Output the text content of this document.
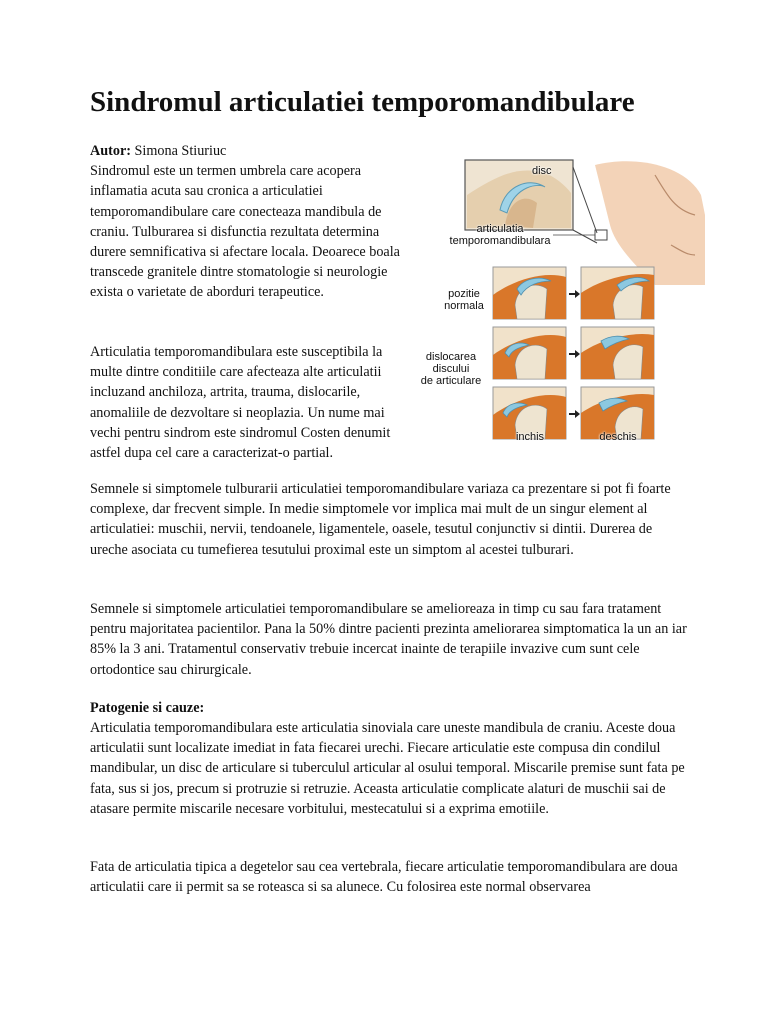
Sindromul articulatiei temporomandibulare

Autor: Simona Stiuriuc

Sindromul este un termen umbrela care acopera inflamatia acuta sau cronica a articulatiei temporomandibulare care conecteaza mandibula de craniu. Tulburarea si disfunctia rezultata determina durere semnificativa si afectare locala. Deoarece boala transcede granitele dintre stomatologie si neurologie exista o varietate de aborduri terapeutice.

Articulatia temporomandibulara este susceptibila la multe dintre conditiile care afecteaza alte articulatii incluzand anchiloza, artrita, trauma, dislocarile, anomaliile de dezvoltare si neoplazia. Un nume mai vechi pentru sindrom este sindromul Costen denumit astfel dupa cel care a caracterizat-o partial.

disc
articulatia
temporomandibulara
pozitie
normala
dislocarea
discului
de articulare
inchis	deschis

Semnele si simptomele tulburarii articulatiei temporomandibulare variaza ca prezentare si pot fi foarte complexe, dar frecvent simple. In medie simptomele vor implica mai mult de un singur element al articulatiei: muschii, nervii, tendoanele, ligamentele, oasele, tesutul conjunctiv si dintii. Durerea de ureche asociata cu tumefierea tesutului proximal este un simptom al acestei tulburari.

Semnele si simptomele articulatiei temporomandibulare se amelioreaza in timp cu sau fara tratament pentru majoritatea pacientilor. Pana la 50% dintre pacienti prezinta ameliorarea simptomatica la un an iar 85% la 3 ani. Tratamentul conservativ trebuie incercat inainte de terapiile invazive cum sunt cele ortodontice sau chirurgicale.

Patogenie si cauze:

Articulatia temporomandibulara este articulatia sinoviala care uneste mandibula de craniu. Aceste doua articulatii sunt localizate imediat in fata fiecarei urechi. Fiecare articulatie este compusa din condilul mandibular, un disc de articulare si tuberculul articular al osului temporal. Miscarile premise sunt fata pe fata, sus si jos, precum si protruzie si retruzie. Aceasta articulatie complicate alaturi de muschii sai de atasare permite miscarile necesare vorbitului, mestecatului si a exprima emotiile.

Fata de articulatia tipica a degetelor sau cea vertebrala, fiecare articulatie temporomandibulara are doua articulatii care ii permit sa se roteasca si sa alunece. Cu folosirea este normal observarea
